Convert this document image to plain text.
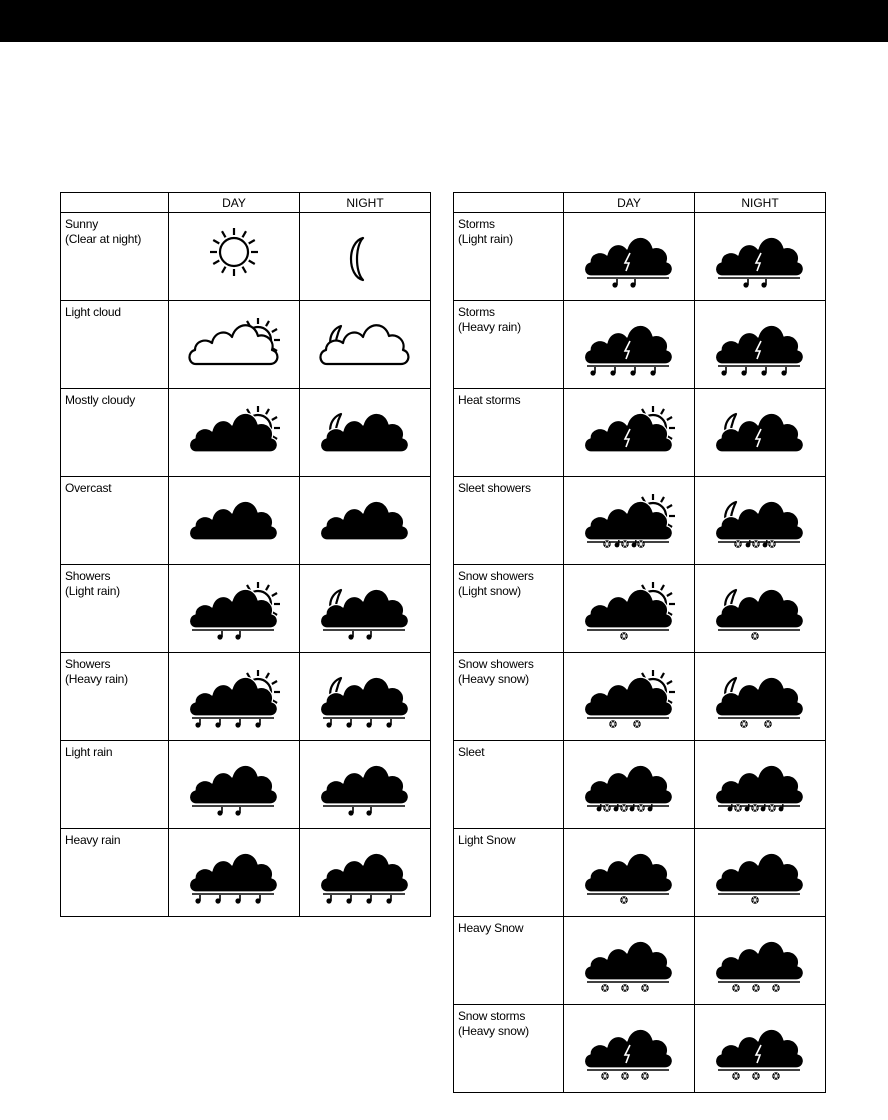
	DAY	NIGHT

Sunny
(Clear at night)

Light cloud

Mostly cloudy

Overcast

Showers
(Light rain)

Showers
(Heavy rain)

Light rain

Heavy rain

	DAY	NIGHT

Storms
(Light rain)

Storms
(Heavy rain)

Heat storms

Sleet showers

Snow showers
(Light snow)

Snow showers
(Heavy snow)

Sleet

Light Snow

Heavy Snow

Snow storms
(Heavy snow)
